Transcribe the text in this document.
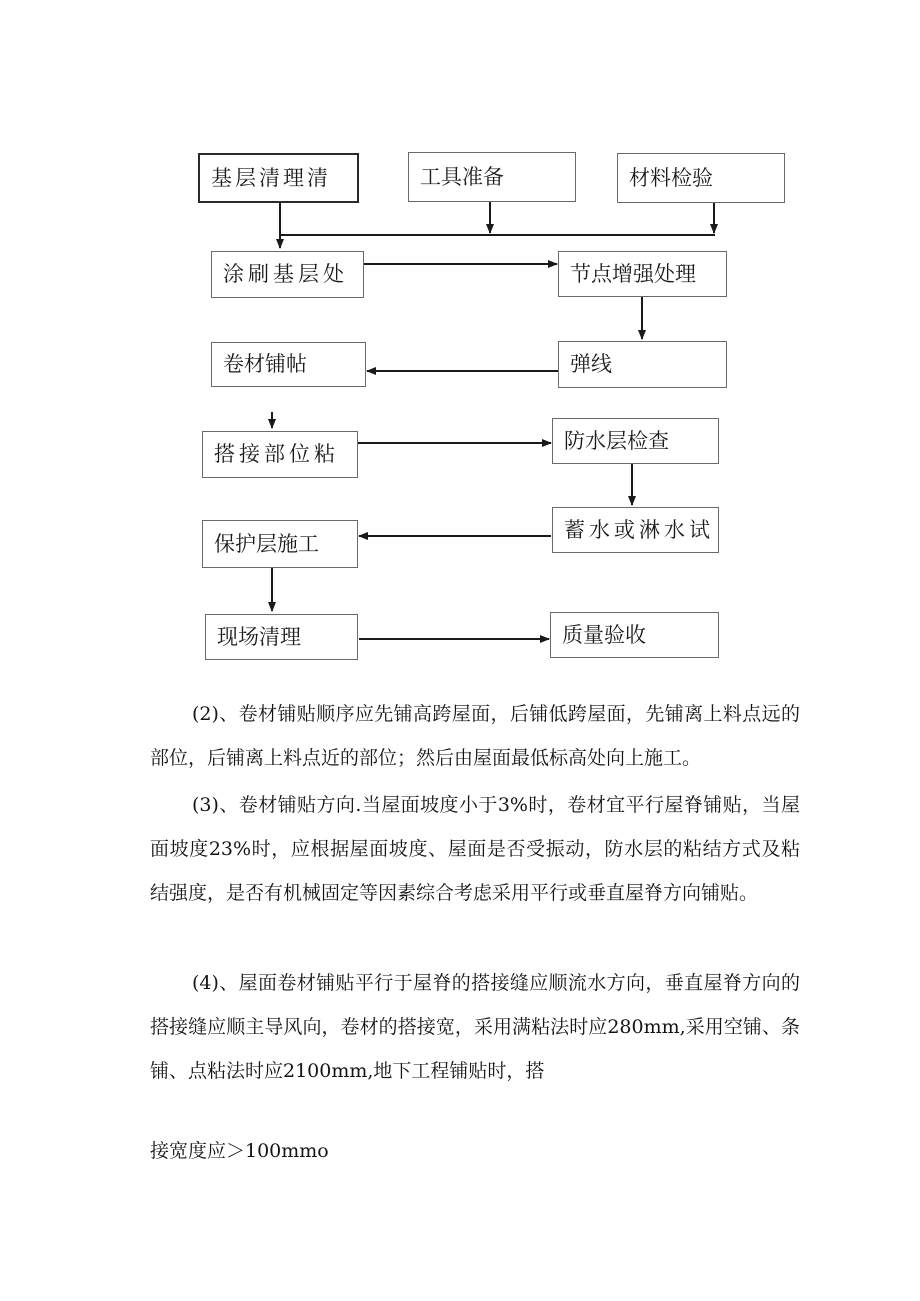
基层清理清	工具准备	材料检验
涂刷基层处	节点增强处理
卷材铺帖	弹线
搭接部位粘
防水层检查
保护层施工
蓄水或淋水试
现场清理	质量验收

(2)、卷材铺贴顺序应先铺高跨屋面，后铺低跨屋面，先铺离上料点远的部位，后铺离上料点近的部位；然后由屋面最低标高处向上施工。

(3)、卷材铺贴方向.当屋面坡度小于3%时，卷材宜平行屋脊铺贴，当屋面坡度23%时，应根据屋面坡度、屋面是否受振动，防水层的粘结方式及粘结强度，是否有机械固定等因素综合考虑采用平行或垂直屋脊方向铺贴。

(4)、屋面卷材铺贴平行于屋脊的搭接缝应顺流水方向，垂直屋脊方向的搭接缝应顺主导风向，卷材的搭接宽，采用满粘法时应280mm,采用空铺、条铺、点粘法时应2100mm,地下工程铺贴时，搭

接宽度应＞100mmo
